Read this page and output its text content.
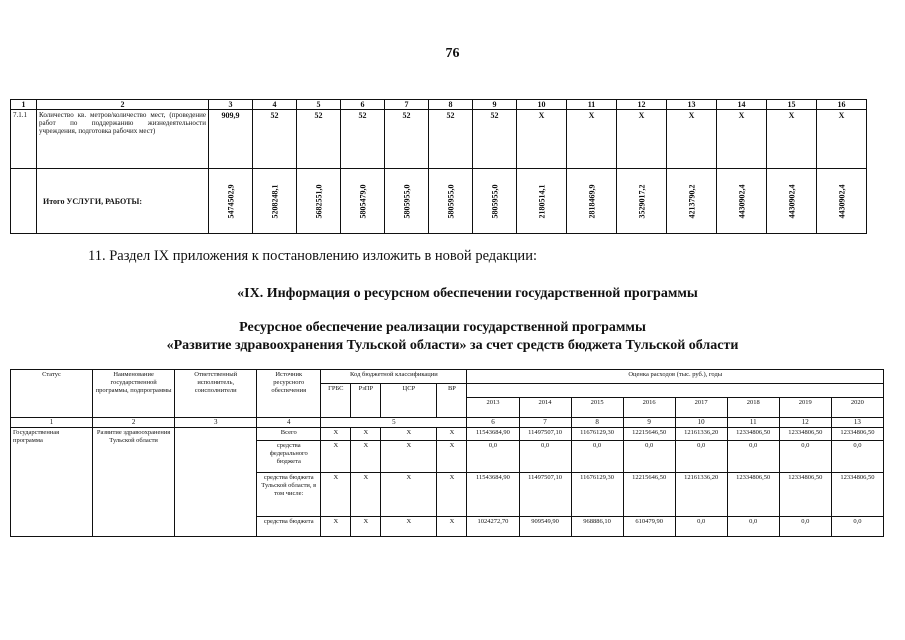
76
1	2	3	4	5	6	7	8	9	10	11	12	13	14	15	16
7.1.1	Количество кв. метров/количество мест, (проведение работ по поддержанию жизнедеятельности учреждения, подготовка рабочих мест)	909,9	52	52	52	52	52	52	Х	Х	Х	Х	Х	Х	Х
	Итого УСЛУГИ, РАБОТЫ:	5474502,9	5208248,1	5682551,0	5805479,0	5805955,0	5805955,0	5805955,0	2180514,1	2818469,9	3529017,2	4213790,2	4430902,4	4430902,4	4430902,4
11. Раздел IX приложения к постановлению изложить в новой редакции:
«IX. Информация о ресурсном обеспечении государственной программы
Ресурсное обеспечение реализации государственной программы
«Развитие здравоохранения Тульской области» за счет средств бюджета Тульской области
Статус	Наименование государственной программы, подпрограммы	Ответственный исполнитель, соисполнители	Источник ресурсного обеспечения	Код бюджетной классификации				Оценка расходов (тыс. руб.), годы							
				ГРБС	РзПР	ЦСР	ВР								
								2013	2014	2015	2016	2017	2018	2019	2020
1	2	3	4	5				6	7	8	9	10	11	12	13
Государственная программа	Развитие здравоохранения Тульской области		Всего	Х	Х	Х	Х	11543684,90	11497507,10	11676129,30	12215646,50	12161336,20	12334806,50	12334806,50	12334806,50
			средства федерального бюджета	Х	Х	Х	Х	0,0	0,0	0,0	0,0	0,0	0,0	0,0	0,0
			средства бюджета Тульской области, в том числе:	Х	Х	Х	Х	11543684,90	11497507,10	11676129,30	12215646,50	12161336,20	12334806,50	12334806,50	12334806,50
			средства бюджета	Х	Х	Х	Х	1024272,70	909549,90	968886,10	610479,90	0,0	0,0	0,0	0,0
